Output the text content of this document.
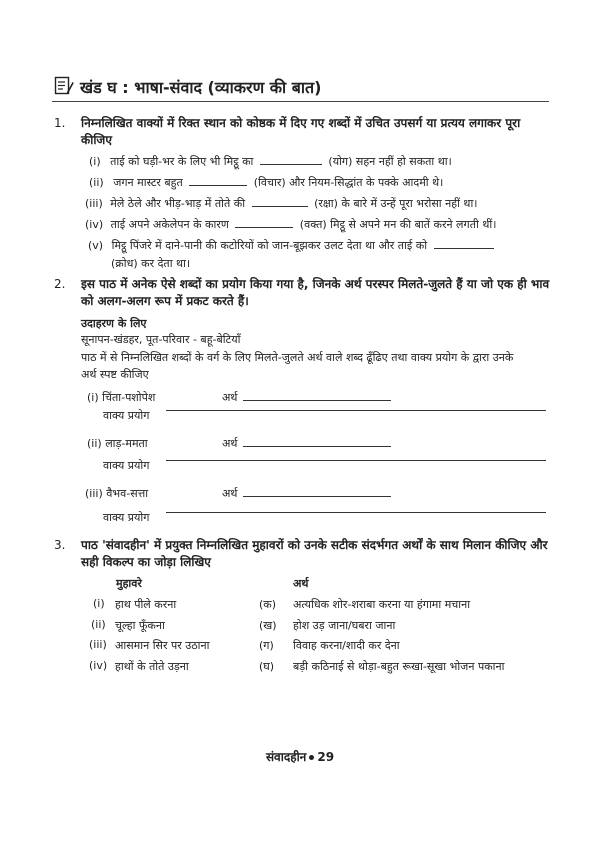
खंड घ : भाषा-संवाद (व्याकरण की बात)
1. निम्नलिखित वाक्यों में रिक्त स्थान को कोष्ठक में दिए गए शब्दों में उचित उपसर्ग या प्रत्यय लगाकर पूरा
कीजिए
(i) ताई को घड़ी-भर के लिए भी मिट्ठू का	(योग) सहन नहीं हो सकता था।
(ii) जगन मास्टर बहुत	(विचार) और नियम-सिद्धांत के पक्के आदमी थे।
(iii) मेले ठेले और भीड़-भाड़ में तोते की	(रक्षा) के बारे में उन्हें पूरा भरोसा नहीं था।
(iv) ताई अपने अकेलेपन के कारण	(वक्त) मिट्ठू से अपने मन की बातें करने लगती थीं।
(v) मिट्ठू पिंजरे में दाने-पानी की कटोरियों को जान-बूझकर उलट देता था और ताई को
(क्रोध) कर देता था।
2. इस पाठ में अनेक ऐसे शब्दों का प्रयोग किया गया है, जिनके अर्थ परस्पर मिलते-जुलते हैं या जो एक ही भाव
को अलग-अलग रूप में प्रकट करते हैं।
उदाहरण के लिए
सूनापन-खंडहर, पूत-परिवार - बहू-बेटियाँ
पाठ में से निम्नलिखित शब्दों के वर्ग के लिए मिलते-जुलते अर्थ वाले शब्द ढूँढिए तथा वाक्य प्रयोग के द्वारा उनके
अर्थ स्पष्ट कीजिए
(i) चिंता-पशोपेश	अर्थ
वाक्य प्रयोग
(ii) लाड़-ममता	अर्थ
वाक्य प्रयोग
(iii) वैभव-सत्ता	अर्थ
वाक्य प्रयोग
3. पाठ 'संवादहीन' में प्रयुक्त निम्नलिखित मुहावरों को उनके सटीक संदर्भगत अर्थों के साथ मिलान कीजिए और
सही विकल्प का जोड़ा लिखिए
मुहावरे	अर्थ
(i) हाथ पीले करना	(क) अत्यधिक शोर-शराबा करना या हंगामा मचाना
(ii) चूल्हा फूँकना	(ख) होश उड़ जाना/घबरा जाना
(iii) आसमान सिर पर उठाना	(ग) विवाह करना/शादी कर देना
(iv) हाथों के तोते उड़ना	(घ) बड़ी कठिनाई से थोड़ा-बहुत रूखा-सूखा भोजन पकाना
संवादहीन 29
